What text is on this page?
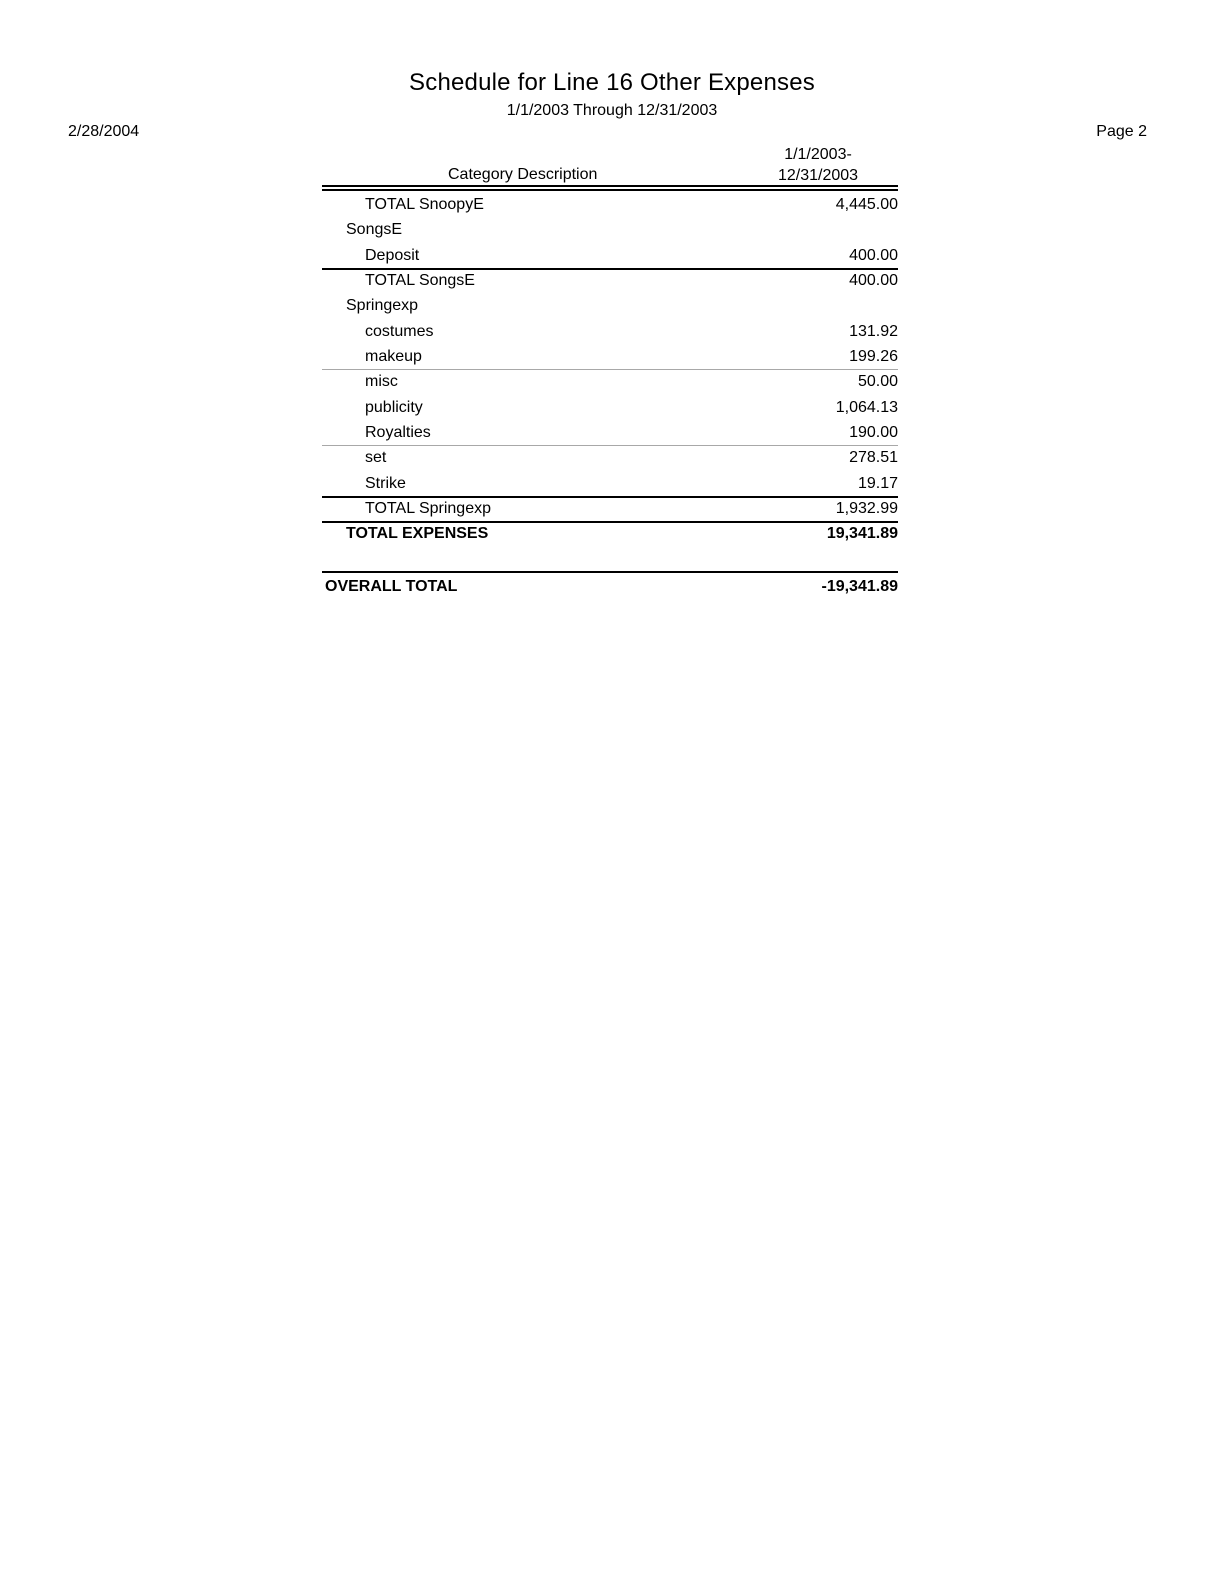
Schedule for Line 16 Other Expenses
1/1/2003 Through 12/31/2003
2/28/2004	Page 2
Category Description
1/1/2003-
12/31/2003
TOTAL SnoopyE	4,445.00
SongsE
Deposit	400.00
TOTAL SongsE	400.00
Springexp
costumes	131.92
makeup	199.26
misc	50.00
publicity	1,064.13
Royalties	190.00
set	278.51
Strike	19.17
TOTAL Springexp	1,932.99
TOTAL EXPENSES	19,341.89
OVERALL TOTAL	-19,341.89
